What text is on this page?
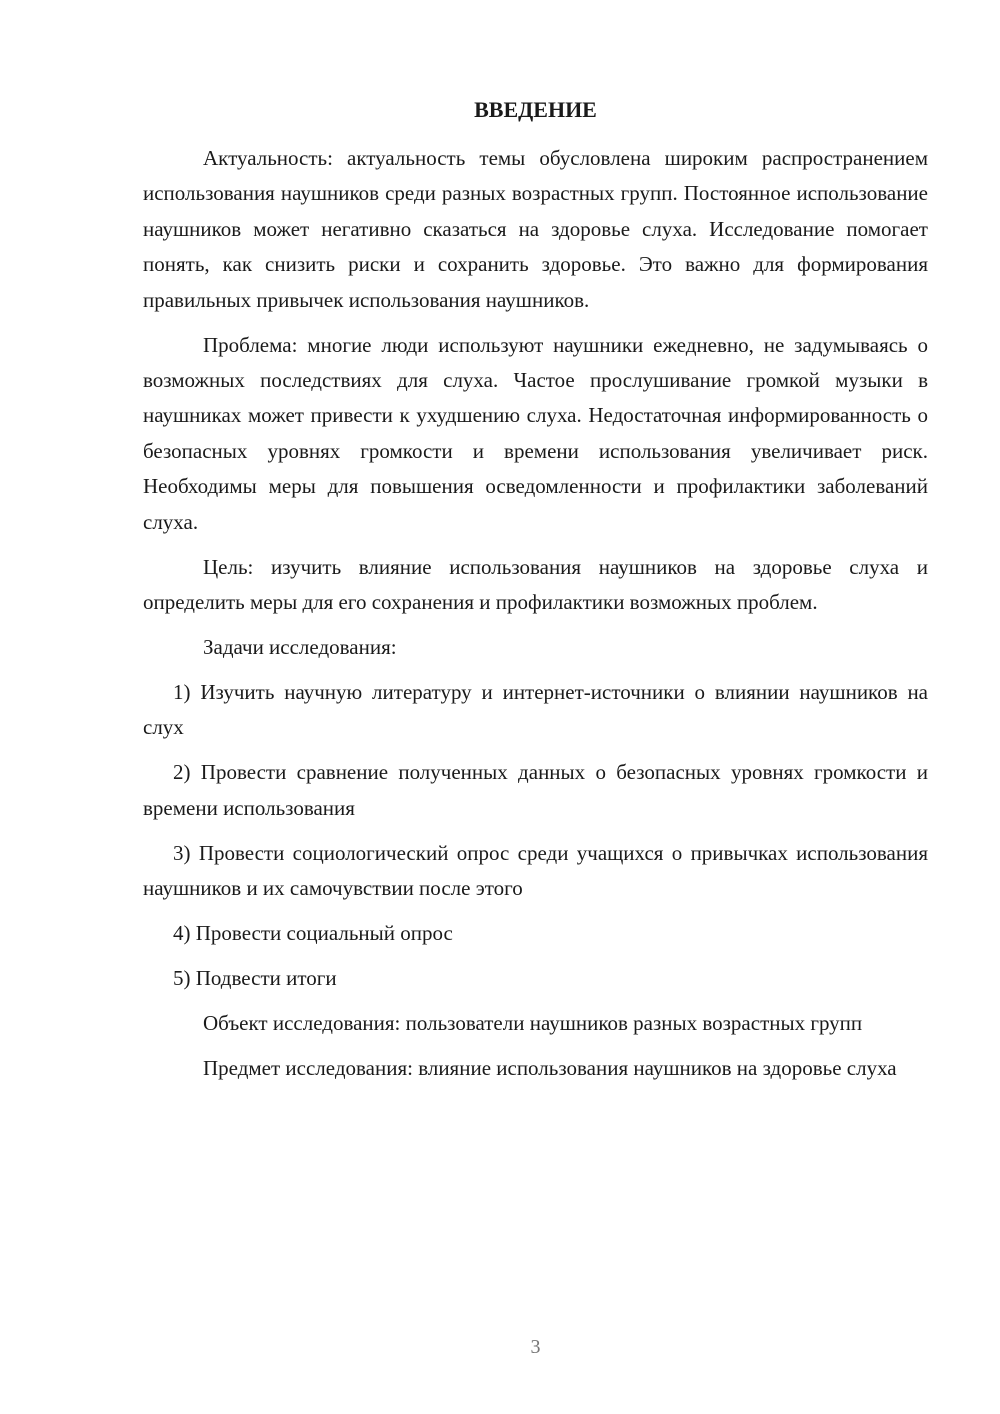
ВВЕДЕНИЕ

Актуальность: актуальность темы обусловлена широким распространением использования наушников среди разных возрастных групп. Постоянное использование наушников может негативно сказаться на здоровье слуха. Исследование помогает понять, как снизить риски и сохранить здоровье. Это важно для формирования правильных привычек использования наушников.

Проблема: многие люди используют наушники ежедневно, не задумываясь о возможных последствиях для слуха. Частое прослушивание громкой музыки в наушниках может привести к ухудшению слуха. Недостаточная информированность о безопасных уровнях громкости и времени использования увеличивает риск. Необходимы меры для повышения осведомленности и профилактики заболеваний слуха.

Цель: изучить влияние использования наушников на здоровье слуха и определить меры для его сохранения и профилактики возможных проблем.

Задачи исследования:

1) Изучить научную литературу и интернет-источники о влиянии наушников на слух

2) Провести сравнение полученных данных о безопасных уровнях громкости и времени использования

3) Провести социологический опрос среди учащихся о привычках использования наушников и их самочувствии после этого

4) Провести социальный опрос

5) Подвести итоги

Объект исследования: пользователи наушников разных возрастных групп

Предмет исследования: влияние использования наушников на здоровье слуха

3
